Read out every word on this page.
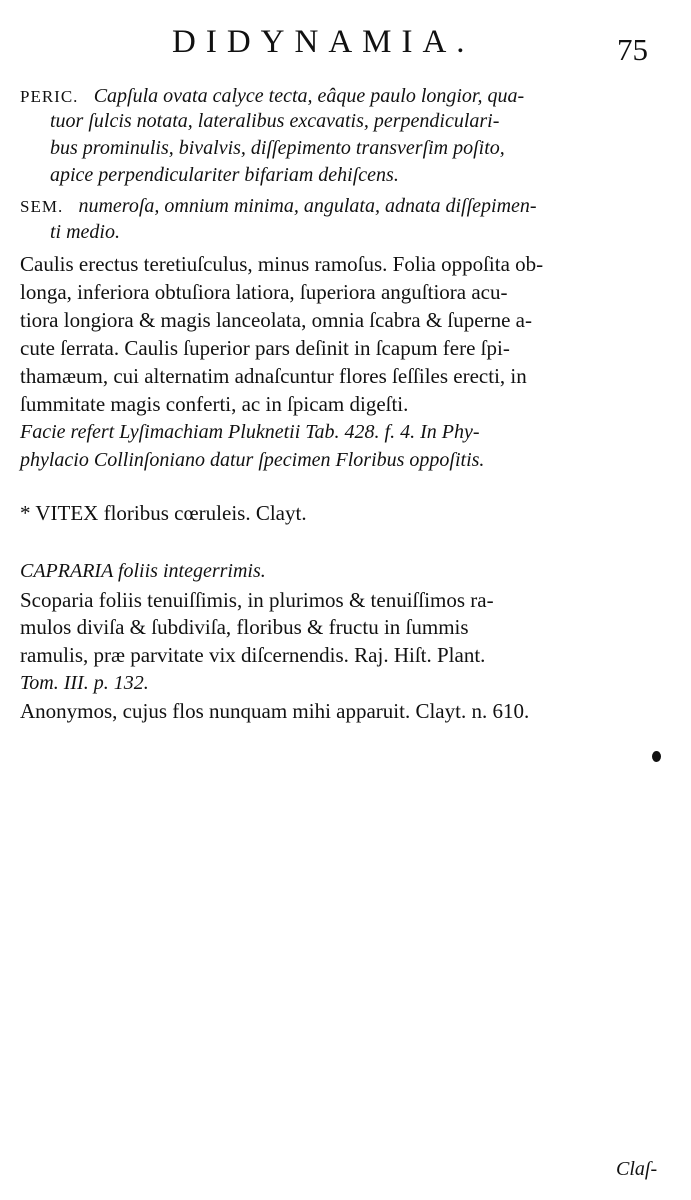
DIDYNAMIA.	75
PERIC. Capſula ovata calyce tecta, eâque paulo longior, qua-
tuor ſulcis notata, lateralibus excavatis, perpendiculari-
bus prominulis, bivalvis, diſſepimento transverſim poſito,
apice perpendiculariter bifariam dehiſcens.
SEM. numeroſa, omnium minima, angulata, adnata diſſepimen-
ti medio.
Caulis erectus teretiuſculus, minus ramoſus. Folia oppoſita ob-
longa, inferiora obtuſiora latiora, ſuperiora anguſtiora acu-
tiora longiora & magis lanceolata, omnia ſcabra & ſuperne a-
cute ſerrata. Caulis ſuperior pars deſinit in ſcapum fere ſpi-
thamæum, cui alternatim adnaſcuntur flores ſeſſiles erecti, in
ſummitate magis conferti, ac in ſpicam digeſti.
Facie refert Lyſimachiam Pluknetii Tab. 428. f. 4. In Phy-
phylacio Collinſoniano datur ſpecimen Floribus oppoſitis.
* VITEX floribus cœruleis. Clayt.
CAPRARIA foliis integerrimis.
Scoparia foliis tenuiſſimis, in plurimos & tenuiſſimos ra-
mulos diviſa & ſubdiviſa, floribus & fructu in ſummis
ramulis, præ parvitate vix diſcernendis. Raj. Hiſt. Plant.
Tom. III. p. 132.
Anonymos, cujus flos nunquam mihi apparuit. Clayt. n. 610.
Claſ-
